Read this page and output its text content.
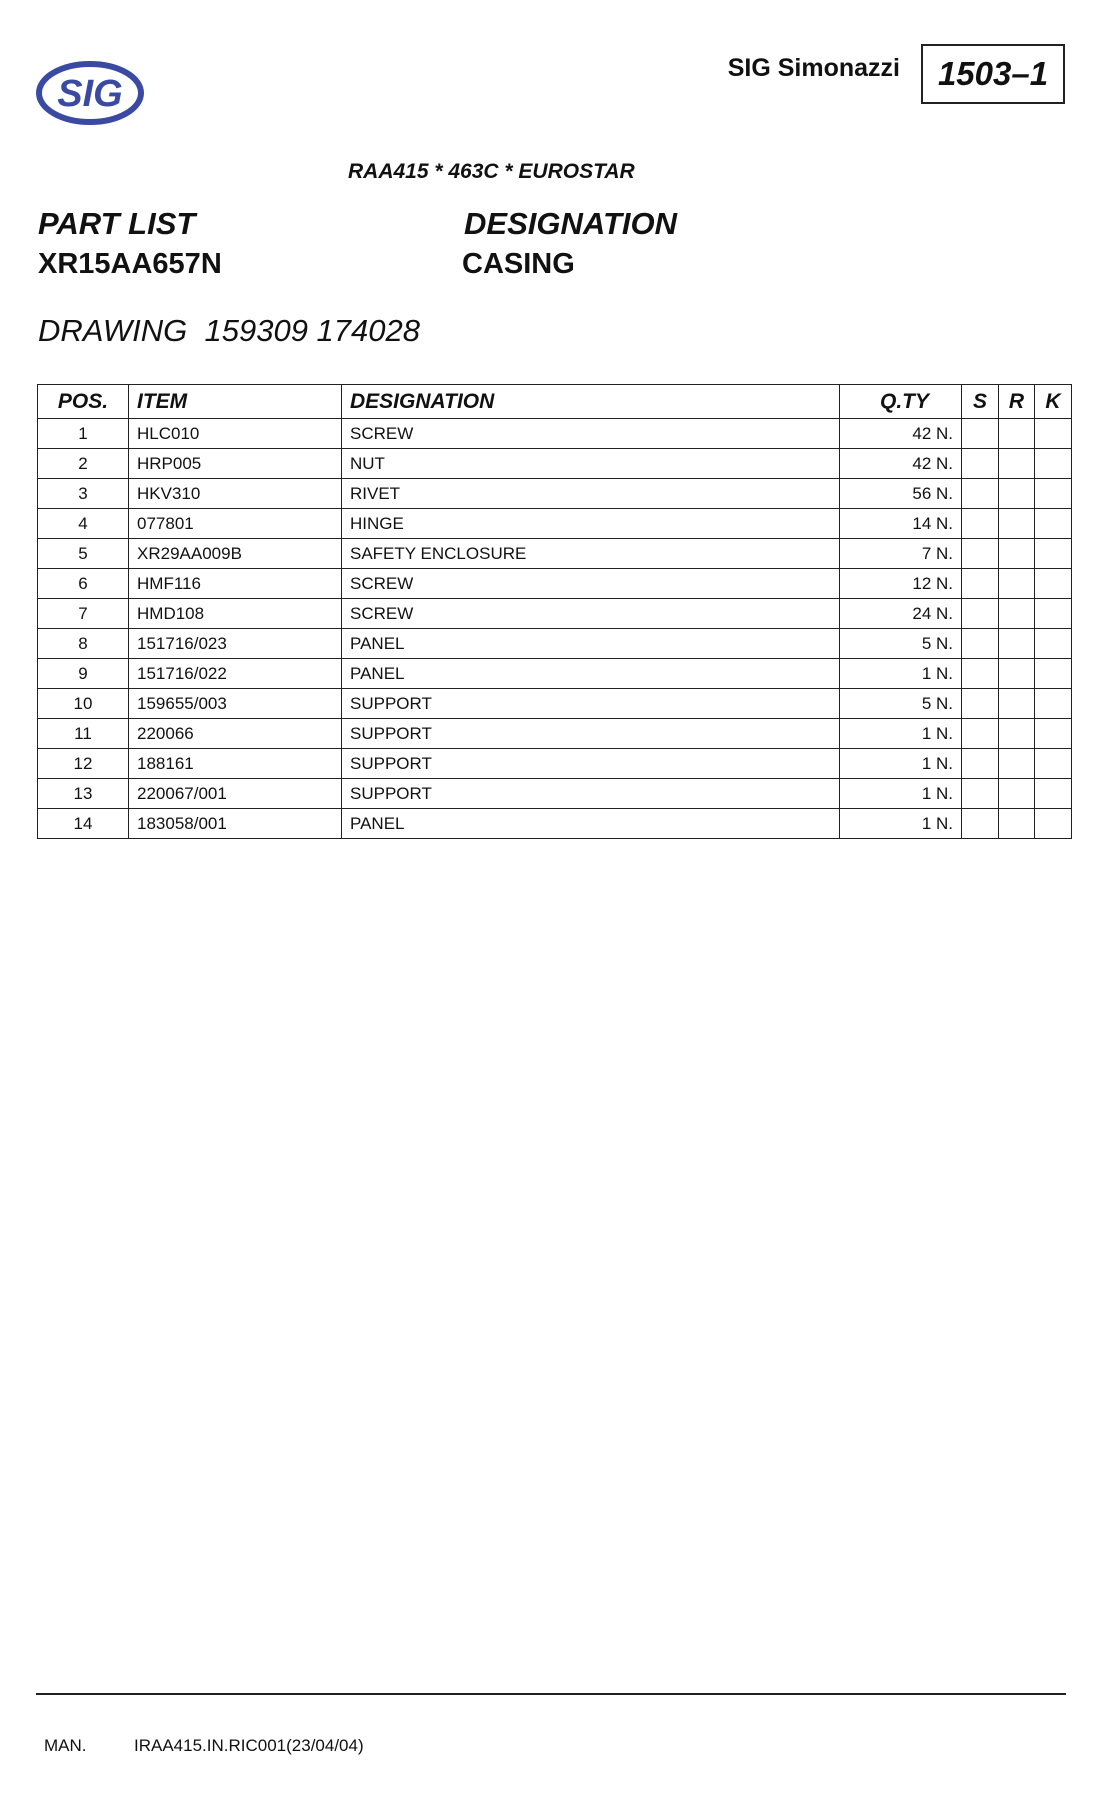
SIG
SIG Simonazzi 1503–1
RAA415 * 463C * EUROSTAR
PART LIST
XR15AA657N
DESIGNATION
CASING
DRAWING  159309 174028
POS.	ITEM	DESIGNATION	Q.TY	S	R	K
1	HLC010	SCREW	42 N.			
2	HRP005	NUT	42 N.			
3	HKV310	RIVET	56 N.			
4	077801	HINGE	14 N.			
5	XR29AA009B	SAFETY ENCLOSURE	7 N.			
6	HMF116	SCREW	12 N.			
7	HMD108	SCREW	24 N.			
8	151716/023	PANEL	5 N.			
9	151716/022	PANEL	1 N.			
10	159655/003	SUPPORT	5 N.			
11	220066	SUPPORT	1 N.			
12	188161	SUPPORT	1 N.			
13	220067/001	SUPPORT	1 N.			
14	183058/001	PANEL	1 N.			
MAN.	IRAA415.IN.RIC001(23/04/04)
